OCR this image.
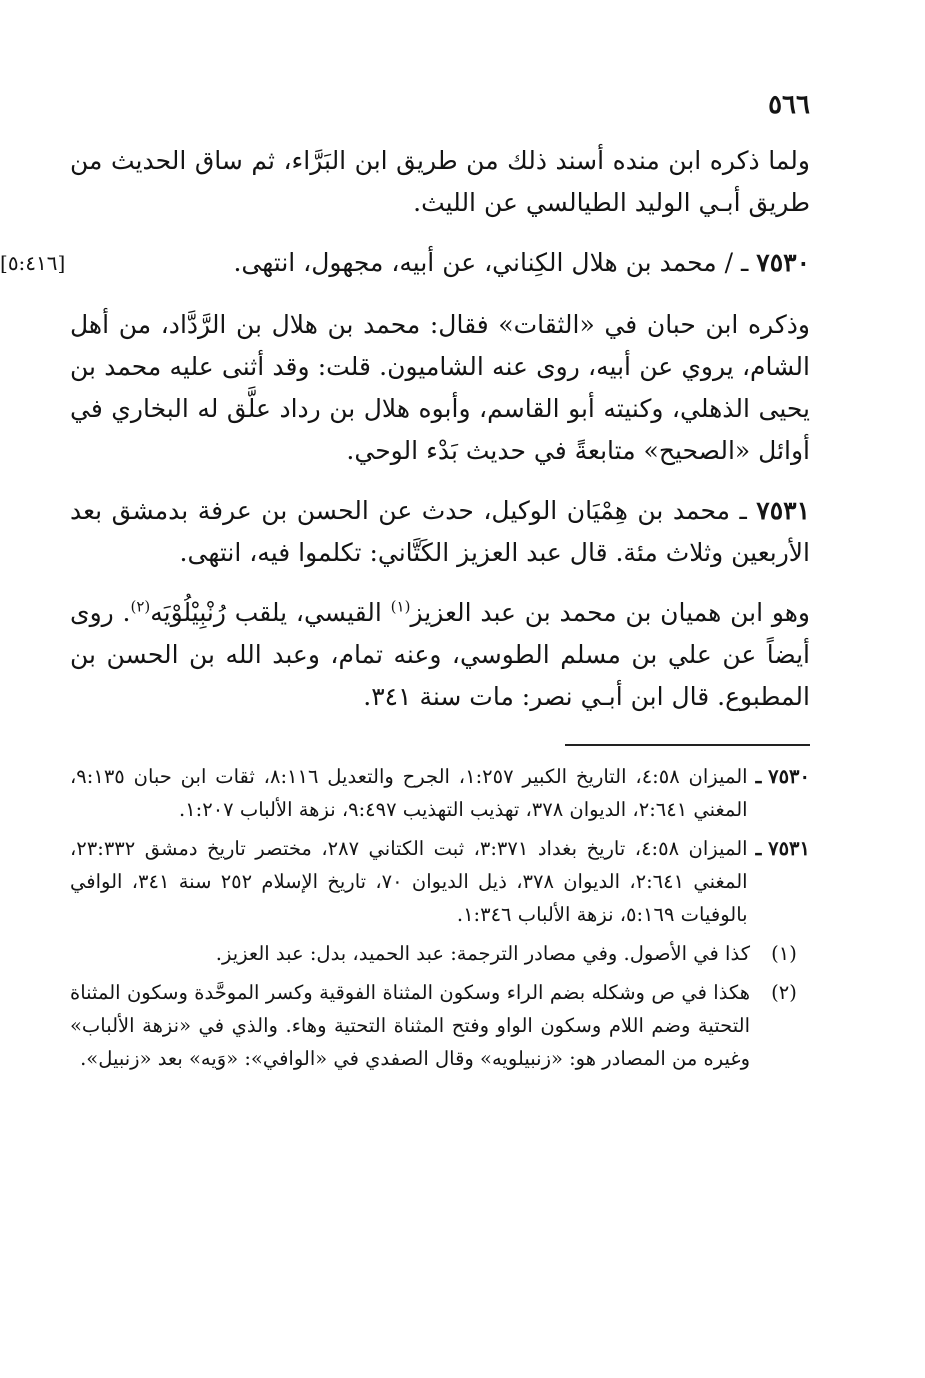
٥٦٦

ولما ذكره ابن منده أسند ذلك من طريق ابن البَرَّاء، ثم ساق الحديث من طريق أبـي الوليد الطيالسي عن الليث.

٧٥٣٠ ـ / محمد بن هلال الكِناني، عن أبيه، مجهول، انتهى.
[٥:٤١٦]

وذكره ابن حبان في «الثقات» فقال: محمد بن هلال بن الرَّدَّاد، من أهل الشام، يروي عن أبيه، روى عنه الشاميون. قلت: وقد أثنى عليه محمد بن يحيى الذهلي، وكنيته أبو القاسم، وأبوه هلال بن رداد علَّق له البخاري في أوائل «الصحيح» متابعةً في حديث بَدْء الوحي.

٧٥٣١ ـ محمد بن هِمْيَان الوكيل، حدث عن الحسن بن عرفة بدمشق بعد الأربعين وثلاث مئة. قال عبد العزيز الكَتَّاني: تكلموا فيه، انتهى.

وهو ابن هميان بن محمد بن عبد العزيز$^{(١)}$ القيسي، يلقب رُنْبِيْلُوْيَه$^{(٢)}$. روى أيضاً عن علي بن مسلم الطوسي، وعنه تمام، وعبد الله بن الحسن بن المطبوع. قال ابن أبـي نصر: مات سنة ٣٤١.

٧٥٣٠ ـ
الميزان ٤:٥٨، التاريخ الكبير ١:٢٥٧، الجرح والتعديل ٨:١١٦، ثقات ابن حبان ٩:١٣٥، المغني ٢:٦٤١، الديوان ٣٧٨، تهذيب التهذيب ٩:٤٩٧، نزهة الألباب ١:٢٠٧.
٧٥٣١ ـ
الميزان ٤:٥٨، تاريخ بغداد ٣:٣٧١، ثبت الكتاني ٢٨٧، مختصر تاريخ دمشق ٢٣:٣٣٢، المغني ٢:٦٤١، الديوان ٣٧٨، ذيل الديوان ٧٠، تاريخ الإسلام ٢٥٢ سنة ٣٤١، الوافي بالوفيات ٥:١٦٩، نزهة الألباب ١:٣٤٦.
(١)
كذا في الأصول. وفي مصادر الترجمة: عبد الحميد، بدل: عبد العزيز.
(٢)
هكذا في ص وشكله بضم الراء وسكون المثناة الفوقية وكسر الموحَّدة وسكون المثناة التحتية وضم اللام وسكون الواو وفتح المثناة التحتية وهاء. والذي في «نزهة الألباب» وغيره من المصادر هو: «زنبيلويه» وقال الصفدي في «الوافي»: «وَيه» بعد «زنبيل».
